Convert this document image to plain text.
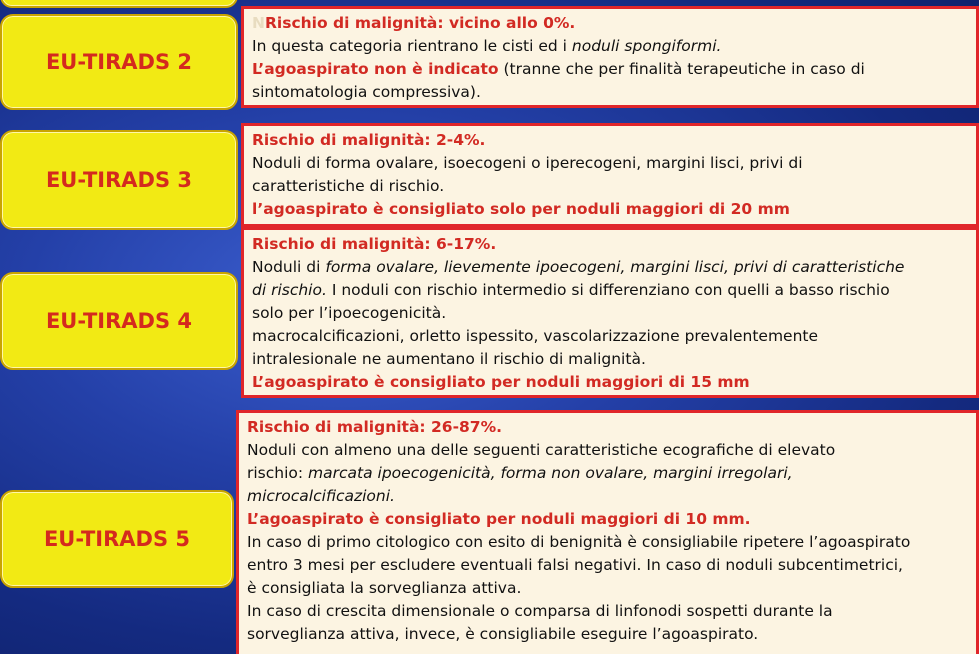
EU-TIRADS 2
NRischio di malignità: vicino allo 0%.
In questa categoria rientrano le cisti ed i noduli spongiformi.
L’agoaspirato non è indicato (tranne che per finalità terapeutiche in caso di
sintomatologia compressiva).
EU-TIRADS 3
Rischio di malignità: 2-4%.
Noduli di forma ovalare, isoecogeni o iperecogeni, margini lisci, privi di
caratteristiche di rischio.
l’agoaspirato è consigliato solo per noduli maggiori di 20 mm
EU-TIRADS 4
Rischio di malignità: 6-17%.
Noduli di forma ovalare, lievemente ipoecogeni, margini lisci, privi di caratteristiche
di rischio. I noduli con rischio intermedio si differenziano con quelli a basso rischio
solo per l’ipoecogenicità.
macrocalcificazioni, orletto ispessito, vascolarizzazione prevalentemente
intralesionale ne aumentano il rischio di malignità.
L’agoaspirato è consigliato per noduli maggiori di 15 mm
EU-TIRADS 5
Rischio di malignità: 26-87%.
Noduli con almeno una delle seguenti caratteristiche ecografiche di elevato
rischio: marcata ipoecogenicità, forma non ovalare, margini irregolari,
microcalcificazioni.
L’agoaspirato è consigliato per noduli maggiori di 10 mm.
In caso di primo citologico con esito di benignità è consigliabile ripetere l’agoaspirato
entro 3 mesi per escludere eventuali falsi negativi. In caso di noduli subcentimetrici,
è consigliata la sorveglianza attiva.
In caso di crescita dimensionale o comparsa di linfonodi sospetti durante la
sorveglianza attiva, invece, è consigliabile eseguire l’agoaspirato.
